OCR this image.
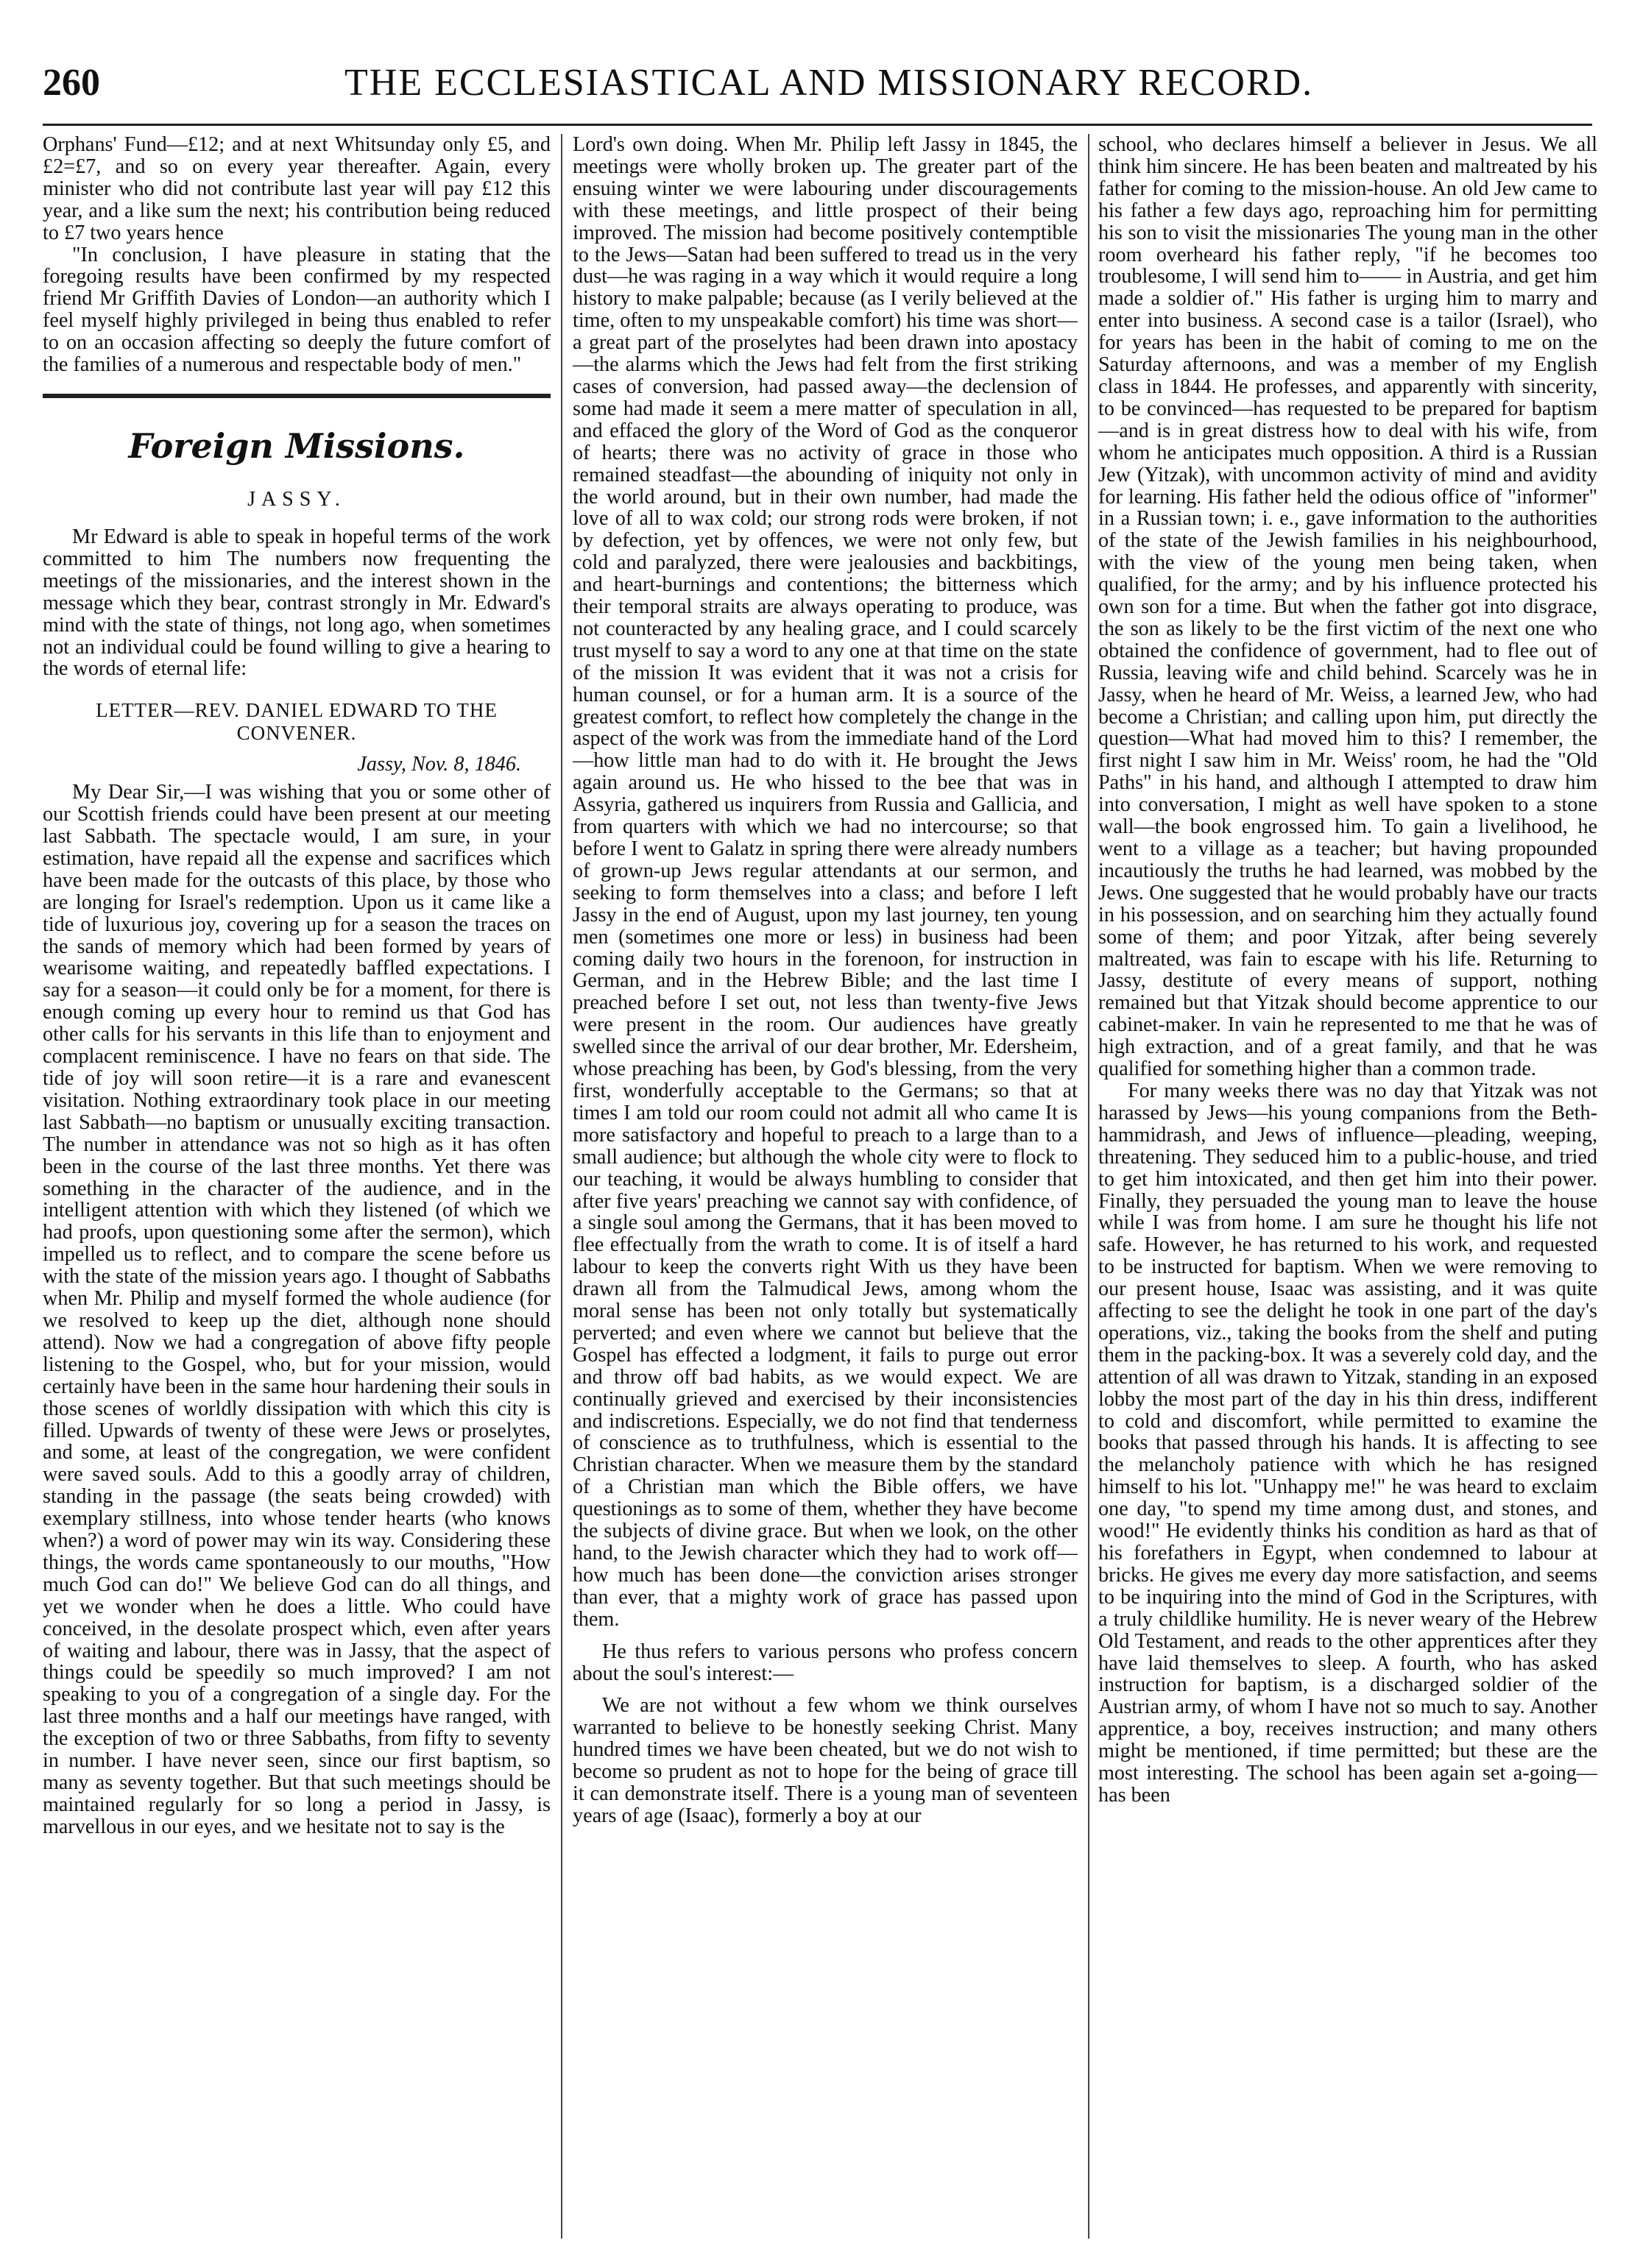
260	THE ECCLESIASTICAL AND MISSIONARY RECORD.

Orphans' Fund—£12; and at next Whitsunday only £5, and £2=£7, and so on every year thereafter. Again, every minister who did not contribute last year will pay £12 this year, and a like sum the next; his contribution being reduced to £7 two years hence

"In conclusion, I have pleasure in stating that the foregoing results have been confirmed by my respected friend Mr Griffith Davies of London—an authority which I feel myself highly privileged in being thus enabled to refer to on an occasion affecting so deeply the future comfort of the families of a numerous and respectable body of men."

Foreign Missions.
JASSY.

Mr Edward is able to speak in hopeful terms of the work committed to him The numbers now frequenting the meetings of the missionaries, and the interest shown in the message which they bear, contrast strongly in Mr. Edward's mind with the state of things, not long ago, when sometimes not an individual could be found willing to give a hearing to the words of eternal life:

LETTER—REV. DANIEL EDWARD TO THE CONVENER.
Jassy, Nov. 8, 1846.

My Dear Sir,—I was wishing that you or some other of our Scottish friends could have been present at our meeting last Sabbath. The spectacle would, I am sure, in your estimation, have repaid all the expense and sacrifices which have been made for the outcasts of this place, by those who are longing for Israel's redemption. Upon us it came like a tide of luxurious joy, covering up for a season the traces on the sands of memory which had been formed by years of wearisome waiting, and repeatedly baffled expectations. I say for a season—it could only be for a moment, for there is enough coming up every hour to remind us that God has other calls for his servants in this life than to enjoyment and complacent reminiscence. I have no fears on that side. The tide of joy will soon retire—it is a rare and evanescent visitation. Nothing extraordinary took place in our meeting last Sabbath—no baptism or unusually exciting transaction. The number in attendance was not so high as it has often been in the course of the last three months. Yet there was something in the character of the audience, and in the intelligent attention with which they listened (of which we had proofs, upon questioning some after the sermon), which impelled us to reflect, and to compare the scene before us with the state of the mission years ago. I thought of Sabbaths when Mr. Philip and myself formed the whole audience (for we resolved to keep up the diet, although none should attend). Now we had a congregation of above fifty people listening to the Gospel, who, but for your mission, would certainly have been in the same hour hardening their souls in those scenes of worldly dissipation with which this city is filled. Upwards of twenty of these were Jews or proselytes, and some, at least of the congregation, we were confident were saved souls. Add to this a goodly array of children, standing in the passage (the seats being crowded) with exemplary stillness, into whose tender hearts (who knows when?) a word of power may win its way. Considering these things, the words came spontaneously to our mouths, "How much God can do!" We believe God can do all things, and yet we wonder when he does a little. Who could have conceived, in the desolate prospect which, even after years of waiting and labour, there was in Jassy, that the aspect of things could be speedily so much improved? I am not speaking to you of a congregation of a single day. For the last three months and a half our meetings have ranged, with the exception of two or three Sabbaths, from fifty to seventy in number. I have never seen, since our first baptism, so many as seventy together. But that such meetings should be maintained regularly for so long a period in Jassy, is marvellous in our eyes, and we hesitate not to say is the

Lord's own doing. When Mr. Philip left Jassy in 1845, the meetings were wholly broken up. The greater part of the ensuing winter we were labouring under discouragements with these meetings, and little prospect of their being improved. The mission had become positively contemptible to the Jews—Satan had been suffered to tread us in the very dust—he was raging in a way which it would require a long history to make palpable; because (as I verily believed at the time, often to my unspeakable comfort) his time was short—a great part of the proselytes had been drawn into apostacy—the alarms which the Jews had felt from the first striking cases of conversion, had passed away—the declension of some had made it seem a mere matter of speculation in all, and effaced the glory of the Word of God as the conqueror of hearts; there was no activity of grace in those who remained steadfast—the abounding of iniquity not only in the world around, but in their own number, had made the love of all to wax cold; our strong rods were broken, if not by defection, yet by offences, we were not only few, but cold and paralyzed, there were jealousies and backbitings, and heart-burnings and contentions; the bitterness which their temporal straits are always operating to produce, was not counteracted by any healing grace, and I could scarcely trust myself to say a word to any one at that time on the state of the mission It was evident that it was not a crisis for human counsel, or for a human arm. It is a source of the greatest comfort, to reflect how completely the change in the aspect of the work was from the immediate hand of the Lord—how little man had to do with it. He brought the Jews again around us. He who hissed to the bee that was in Assyria, gathered us inquirers from Russia and Gallicia, and from quarters with which we had no intercourse; so that before I went to Galatz in spring there were already numbers of grown-up Jews regular attendants at our sermon, and seeking to form themselves into a class; and before I left Jassy in the end of August, upon my last journey, ten young men (sometimes one more or less) in business had been coming daily two hours in the forenoon, for instruction in German, and in the Hebrew Bible; and the last time I preached before I set out, not less than twenty-five Jews were present in the room. Our audiences have greatly swelled since the arrival of our dear brother, Mr. Edersheim, whose preaching has been, by God's blessing, from the very first, wonderfully acceptable to the Germans; so that at times I am told our room could not admit all who came It is more satisfactory and hopeful to preach to a large than to a small audience; but although the whole city were to flock to our teaching, it would be always humbling to consider that after five years' preaching we cannot say with confidence, of a single soul among the Germans, that it has been moved to flee effectually from the wrath to come. It is of itself a hard labour to keep the converts right With us they have been drawn all from the Talmudical Jews, among whom the moral sense has been not only totally but systematically perverted; and even where we cannot but believe that the Gospel has effected a lodgment, it fails to purge out error and throw off bad habits, as we would expect. We are continually grieved and exercised by their inconsistencies and indiscretions. Especially, we do not find that tenderness of conscience as to truthfulness, which is essential to the Christian character. When we measure them by the standard of a Christian man which the Bible offers, we have questionings as to some of them, whether they have become the subjects of divine grace. But when we look, on the other hand, to the Jewish character which they had to work off—how much has been done—the conviction arises stronger than ever, that a mighty work of grace has passed upon them.

He thus refers to various persons who profess concern about the soul's interest:—

We are not without a few whom we think ourselves warranted to believe to be honestly seeking Christ. Many hundred times we have been cheated, but we do not wish to become so prudent as not to hope for the being of grace till it can demonstrate itself. There is a young man of seventeen years of age (Isaac), formerly a boy at our

school, who declares himself a believer in Jesus. We all think him sincere. He has been beaten and maltreated by his father for coming to the mission-house. An old Jew came to his father a few days ago, reproaching him for permitting his son to visit the missionaries The young man in the other room overheard his father reply, "if he becomes too troublesome, I will send him to—— in Austria, and get him made a soldier of." His father is urging him to marry and enter into business. A second case is a tailor (Israel), who for years has been in the habit of coming to me on the Saturday afternoons, and was a member of my English class in 1844. He professes, and apparently with sincerity, to be convinced—has requested to be prepared for baptism—and is in great distress how to deal with his wife, from whom he anticipates much opposition. A third is a Russian Jew (Yitzak), with uncommon activity of mind and avidity for learning. His father held the odious office of "informer" in a Russian town; i. e., gave information to the authorities of the state of the Jewish families in his neighbourhood, with the view of the young men being taken, when qualified, for the army; and by his influence protected his own son for a time. But when the father got into disgrace, the son as likely to be the first victim of the next one who obtained the confidence of government, had to flee out of Russia, leaving wife and child behind. Scarcely was he in Jassy, when he heard of Mr. Weiss, a learned Jew, who had become a Christian; and calling upon him, put directly the question—What had moved him to this? I remember, the first night I saw him in Mr. Weiss' room, he had the "Old Paths" in his hand, and although I attempted to draw him into conversation, I might as well have spoken to a stone wall—the book engrossed him. To gain a livelihood, he went to a village as a teacher; but having propounded incautiously the truths he had learned, was mobbed by the Jews. One suggested that he would probably have our tracts in his possession, and on searching him they actually found some of them; and poor Yitzak, after being severely maltreated, was fain to escape with his life. Returning to Jassy, destitute of every means of support, nothing remained but that Yitzak should become apprentice to our cabinet-maker. In vain he represented to me that he was of high extraction, and of a great family, and that he was qualified for something higher than a common trade.

For many weeks there was no day that Yitzak was not harassed by Jews—his young companions from the Beth-hammidrash, and Jews of influence—pleading, weeping, threatening. They seduced him to a public-house, and tried to get him intoxicated, and then get him into their power. Finally, they persuaded the young man to leave the house while I was from home. I am sure he thought his life not safe. However, he has returned to his work, and requested to be instructed for baptism. When we were removing to our present house, Isaac was assisting, and it was quite affecting to see the delight he took in one part of the day's operations, viz., taking the books from the shelf and puting them in the packing-box. It was a severely cold day, and the attention of all was drawn to Yitzak, standing in an exposed lobby the most part of the day in his thin dress, indifferent to cold and discomfort, while permitted to examine the books that passed through his hands. It is affecting to see the melancholy patience with which he has resigned himself to his lot. "Unhappy me!" he was heard to exclaim one day, "to spend my time among dust, and stones, and wood!" He evidently thinks his condition as hard as that of his forefathers in Egypt, when condemned to labour at bricks. He gives me every day more satisfaction, and seems to be inquiring into the mind of God in the Scriptures, with a truly childlike humility. He is never weary of the Hebrew Old Testament, and reads to the other apprentices after they have laid themselves to sleep. A fourth, who has asked instruction for baptism, is a discharged soldier of the Austrian army, of whom I have not so much to say. Another apprentice, a boy, receives instruction; and many others might be mentioned, if time permitted; but these are the most interesting. The school has been again set a-going—has been
